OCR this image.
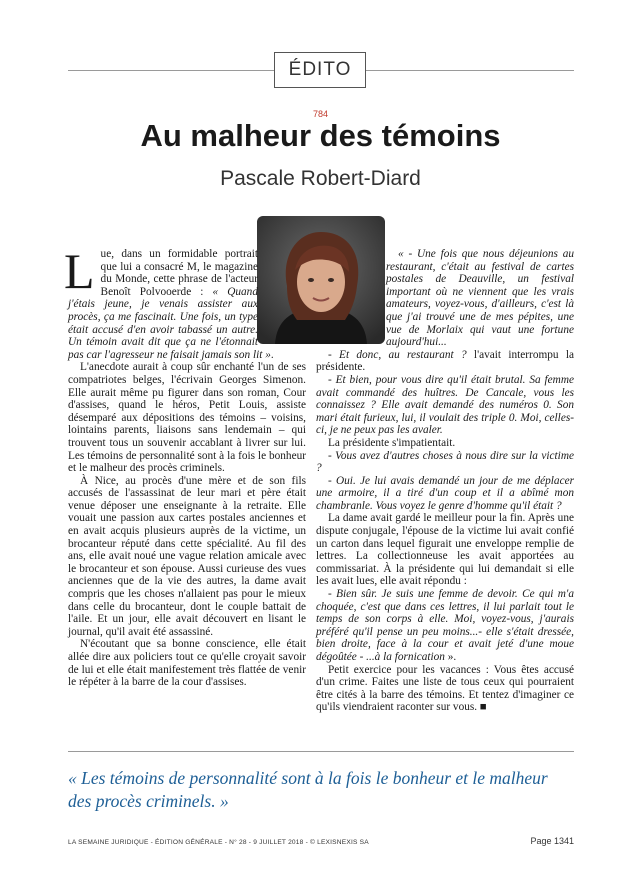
ÉDITO
784
Au malheur des témoins
Pascale Robert-Diard

Lue, dans un formidable portrait que lui a consacré M, le magazine du Monde, cette phrase de l'acteur Benoît Polvooerde : « Quand j'étais jeune, je venais assister aux procès, ça me fascinait. Une fois, un type était accusé d'en avoir tabassé un autre. Un témoin avait dit que ça ne l'étonnait pas car l'agresseur ne faisait jamais son lit ».

L'anecdote aurait à coup sûr enchanté l'un de ses compatriotes belges, l'écrivain Georges Simenon. Elle aurait même pu figurer dans son roman, Cour d'assises, quand le héros, Petit Louis, assiste désemparé aux dépositions des témoins – voisins, lointains parents, liaisons sans lendemain – qui trouvent tous un souvenir accablant à livrer sur lui. Les témoins de personnalité sont à la fois le bonheur et le malheur des procès criminels.

À Nice, au procès d'une mère et de son fils accusés de l'assassinat de leur mari et père était venue déposer une enseignante à la retraite. Elle vouait une passion aux cartes postales anciennes et en avait acquis plusieurs auprès de la victime, un brocanteur réputé dans cette spécialité. Au fil des ans, elle avait noué une vague relation amicale avec le brocanteur et son épouse. Aussi curieuse des vues anciennes que de la vie des autres, la dame avait compris que les choses n'allaient pas pour le mieux dans celle du brocanteur, dont le couple battait de l'aile. Et un jour, elle avait découvert en lisant le journal, qu'il avait été assassiné.

N'écoutant que sa bonne conscience, elle était allée dire aux policiers tout ce qu'elle croyait savoir de lui et elle était manifestement très flattée de venir le répéter à la barre de la cour d'assises.

« - Une fois que nous déjeunions au restaurant, c'était au festival de cartes postales de Deauville, un festival important où ne viennent que les vrais amateurs, voyez-vous, d'ailleurs, c'est là que j'ai trouvé une de mes pépites, une vue de Morlaix qui vaut une fortune aujourd'hui...

- Et donc, au restaurant ? l'avait interrompu la présidente.

- Et bien, pour vous dire qu'il était brutal. Sa femme avait commandé des huîtres. De Cancale, vous les connaissez ? Elle avait demandé des numéros 0. Son mari était furieux, lui, il voulait des triple 0. Moi, celles-ci, je ne peux pas les avaler.

La présidente s'impatientait.

- Vous avez d'autres choses à nous dire sur la victime ?

- Oui. Je lui avais demandé un jour de me déplacer une armoire, il a tiré d'un coup et il a abîmé mon chambranle. Vous voyez le genre d'homme qu'il était ?

La dame avait gardé le meilleur pour la fin. Après une dispute conjugale, l'épouse de la victime lui avait confié un carton dans lequel figurait une enveloppe remplie de lettres. La collectionneuse les avait apportées au commissariat. À la présidente qui lui demandait si elle les avait lues, elle avait répondu :

- Bien sûr. Je suis une femme de devoir. Ce qui m'a choquée, c'est que dans ces lettres, il lui parlait tout le temps de son corps à elle. Moi, voyez-vous, j'aurais préféré qu'il pense un peu moins...- elle s'était dressée, bien droite, face à la cour et avait jeté d'une moue dégoûtée - ...à la fornication ».

Petit exercice pour les vacances : Vous êtes accusé d'un crime. Faites une liste de tous ceux qui pourraient être cités à la barre des témoins. Et tentez d'imaginer ce qu'ils viendraient raconter sur vous. ■

« Les témoins de personnalité sont à la fois le bonheur et le malheur des procès criminels. »
LA SEMAINE JURIDIQUE - ÉDITION GÉNÉRALE - N° 28 - 9 JUILLET 2018 - © LEXISNEXIS SA	Page 1341
